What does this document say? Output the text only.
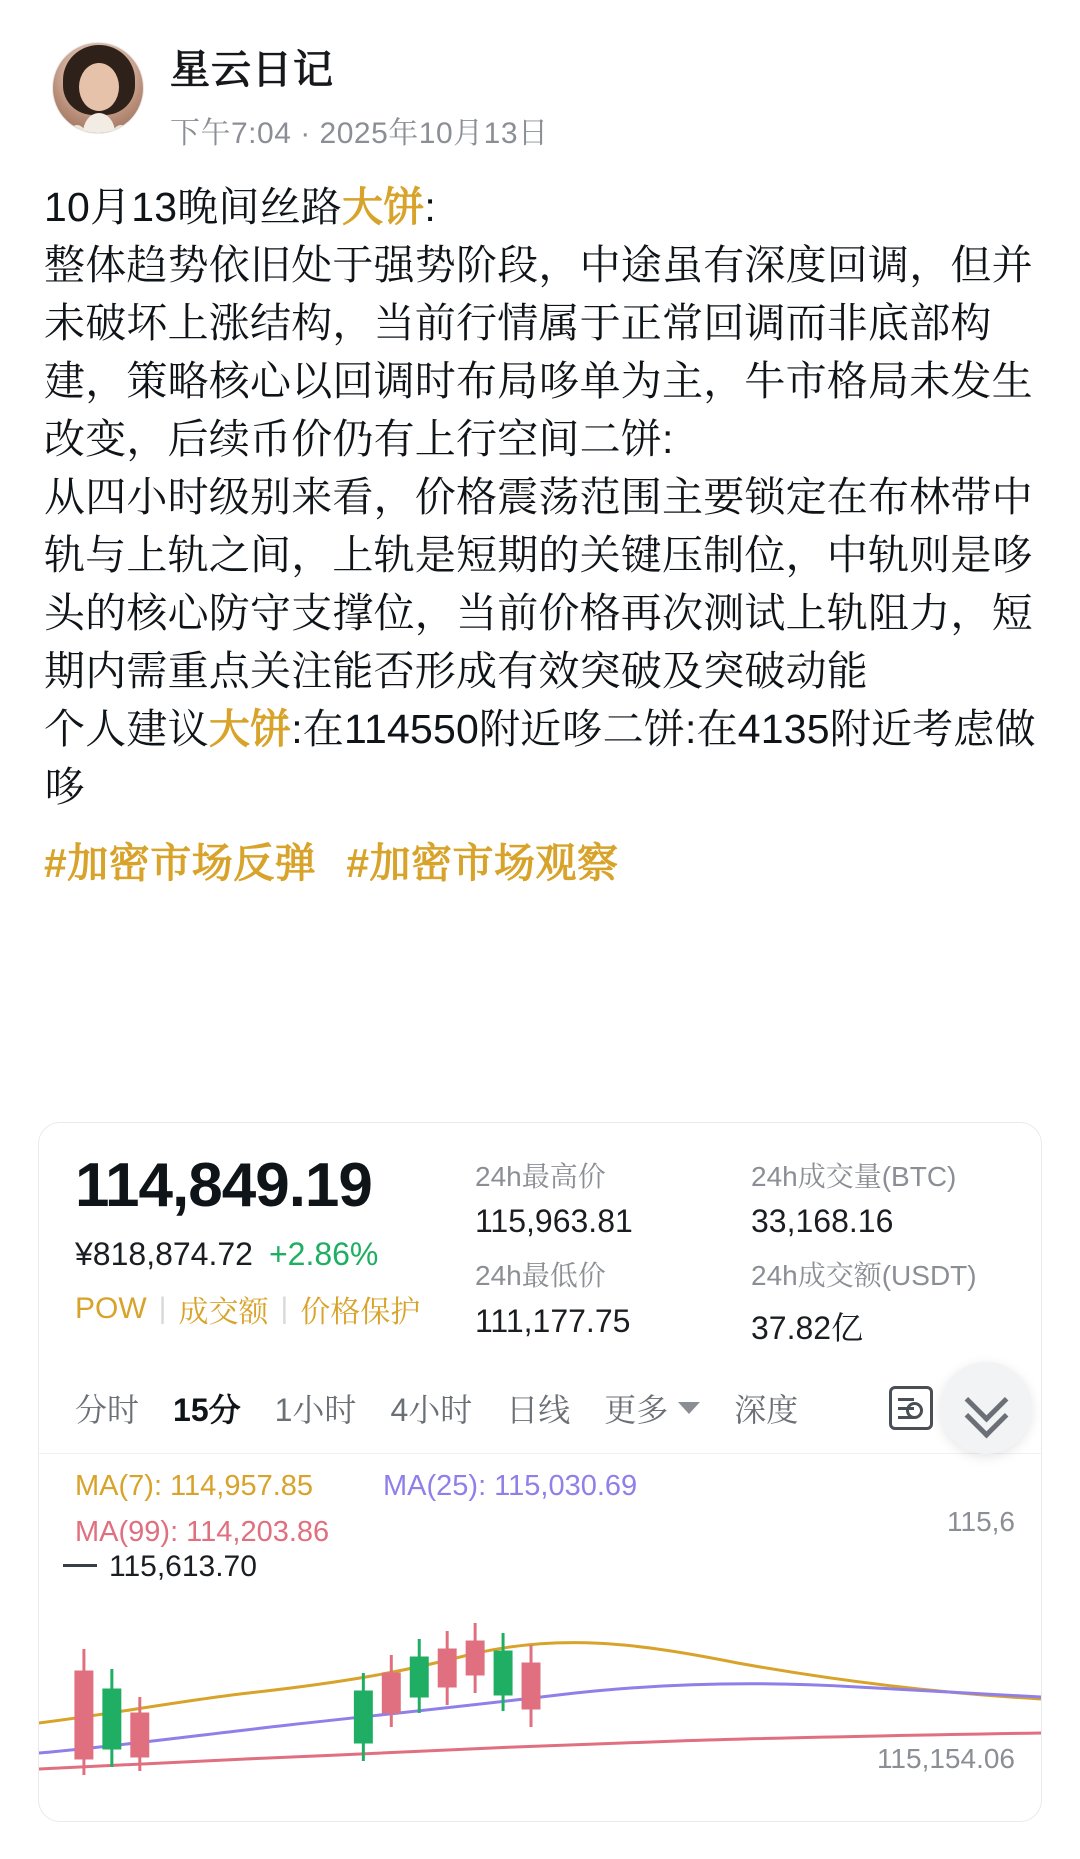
星云日记
下午7:04 · 2025年10月13日

10月13晚间丝路大饼:

整体趋势依旧处于强势阶段，中途虽有深度回调，但并未破坏上涨结构，当前行情属于正常回调而非底部构建，策略核心以回调时布局哆单为主，牛市格局未发生改变，后续币价仍有上行空间二饼:

从四小时级别来看，价格震荡范围主要锁定在布林带中轨与上轨之间，上轨是短期的关键压制位，中轨则是哆头的核心防守支撑位，当前价格再次测试上轨阻力，短期内需重点关注能否形成有效突破及突破动能

个人建议大饼:在114550附近哆二饼:在4135附近考虑做哆

#加密市场反弹 #加密市场观察
114,849.19
¥818,874.72 +2.86%
POW | 成交额 | 价格保护
24h最高价
115,963.81
24h成交量(BTC)
33,168.16
24h最低价
111,177.75
24h成交额(USDT)
37.82亿
分时 15分 1小时 4小时 日线 更多 深度
MA(7): 114,957.85 MA(25): 115,030.69
MA(99): 114,203.86
115,613.70
115,6
115,154.06
